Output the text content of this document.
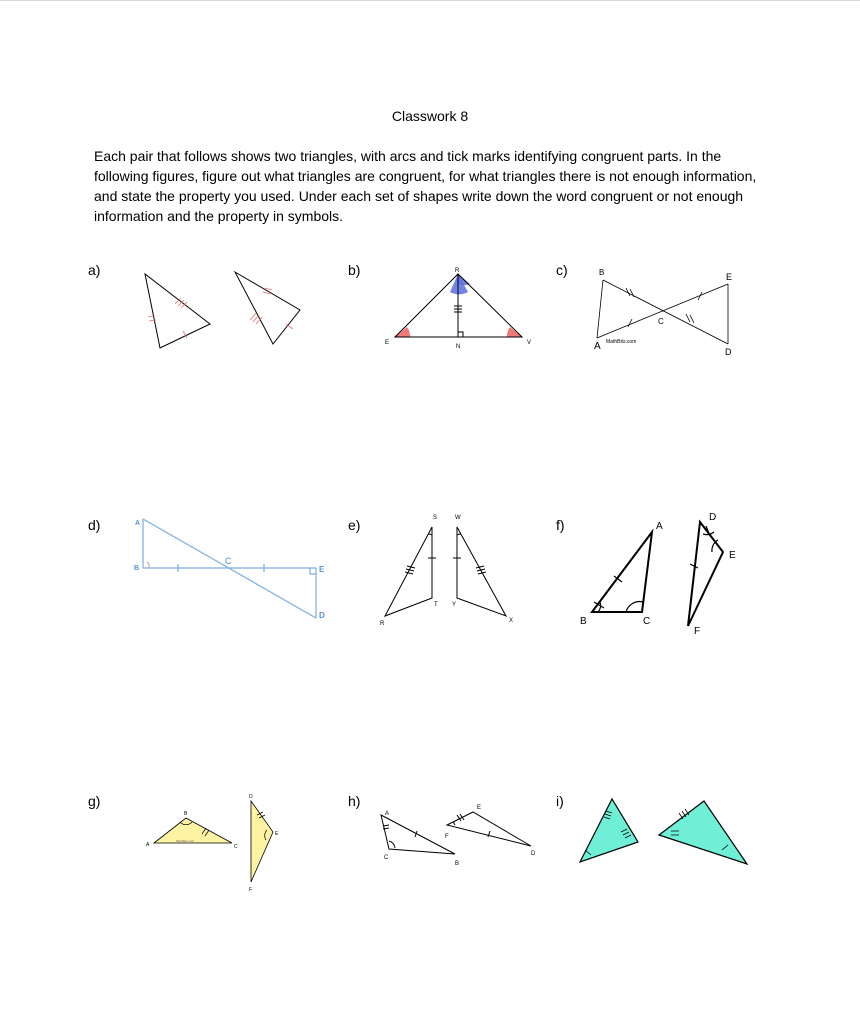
Classwork 8
Each pair that follows shows two triangles, with arcs and tick marks identifying congruent parts. In the following figures, figure out what triangles are congruent, for what triangles there is not enough information, and state the property you used. Under each set of shapes write down the word congruent or not enough information and the property in symbols.
a)	b)	R
E
N
V
c)	B	E
C
A MathBits.com
D
d)	A
B
C
E
D
e)	S	W
R
T Y
X
f)	A
B	C
D
E
F
g)
B
A	C
MathBits.com
D
E
F
h)
A
C
B
E
F
D
i)
